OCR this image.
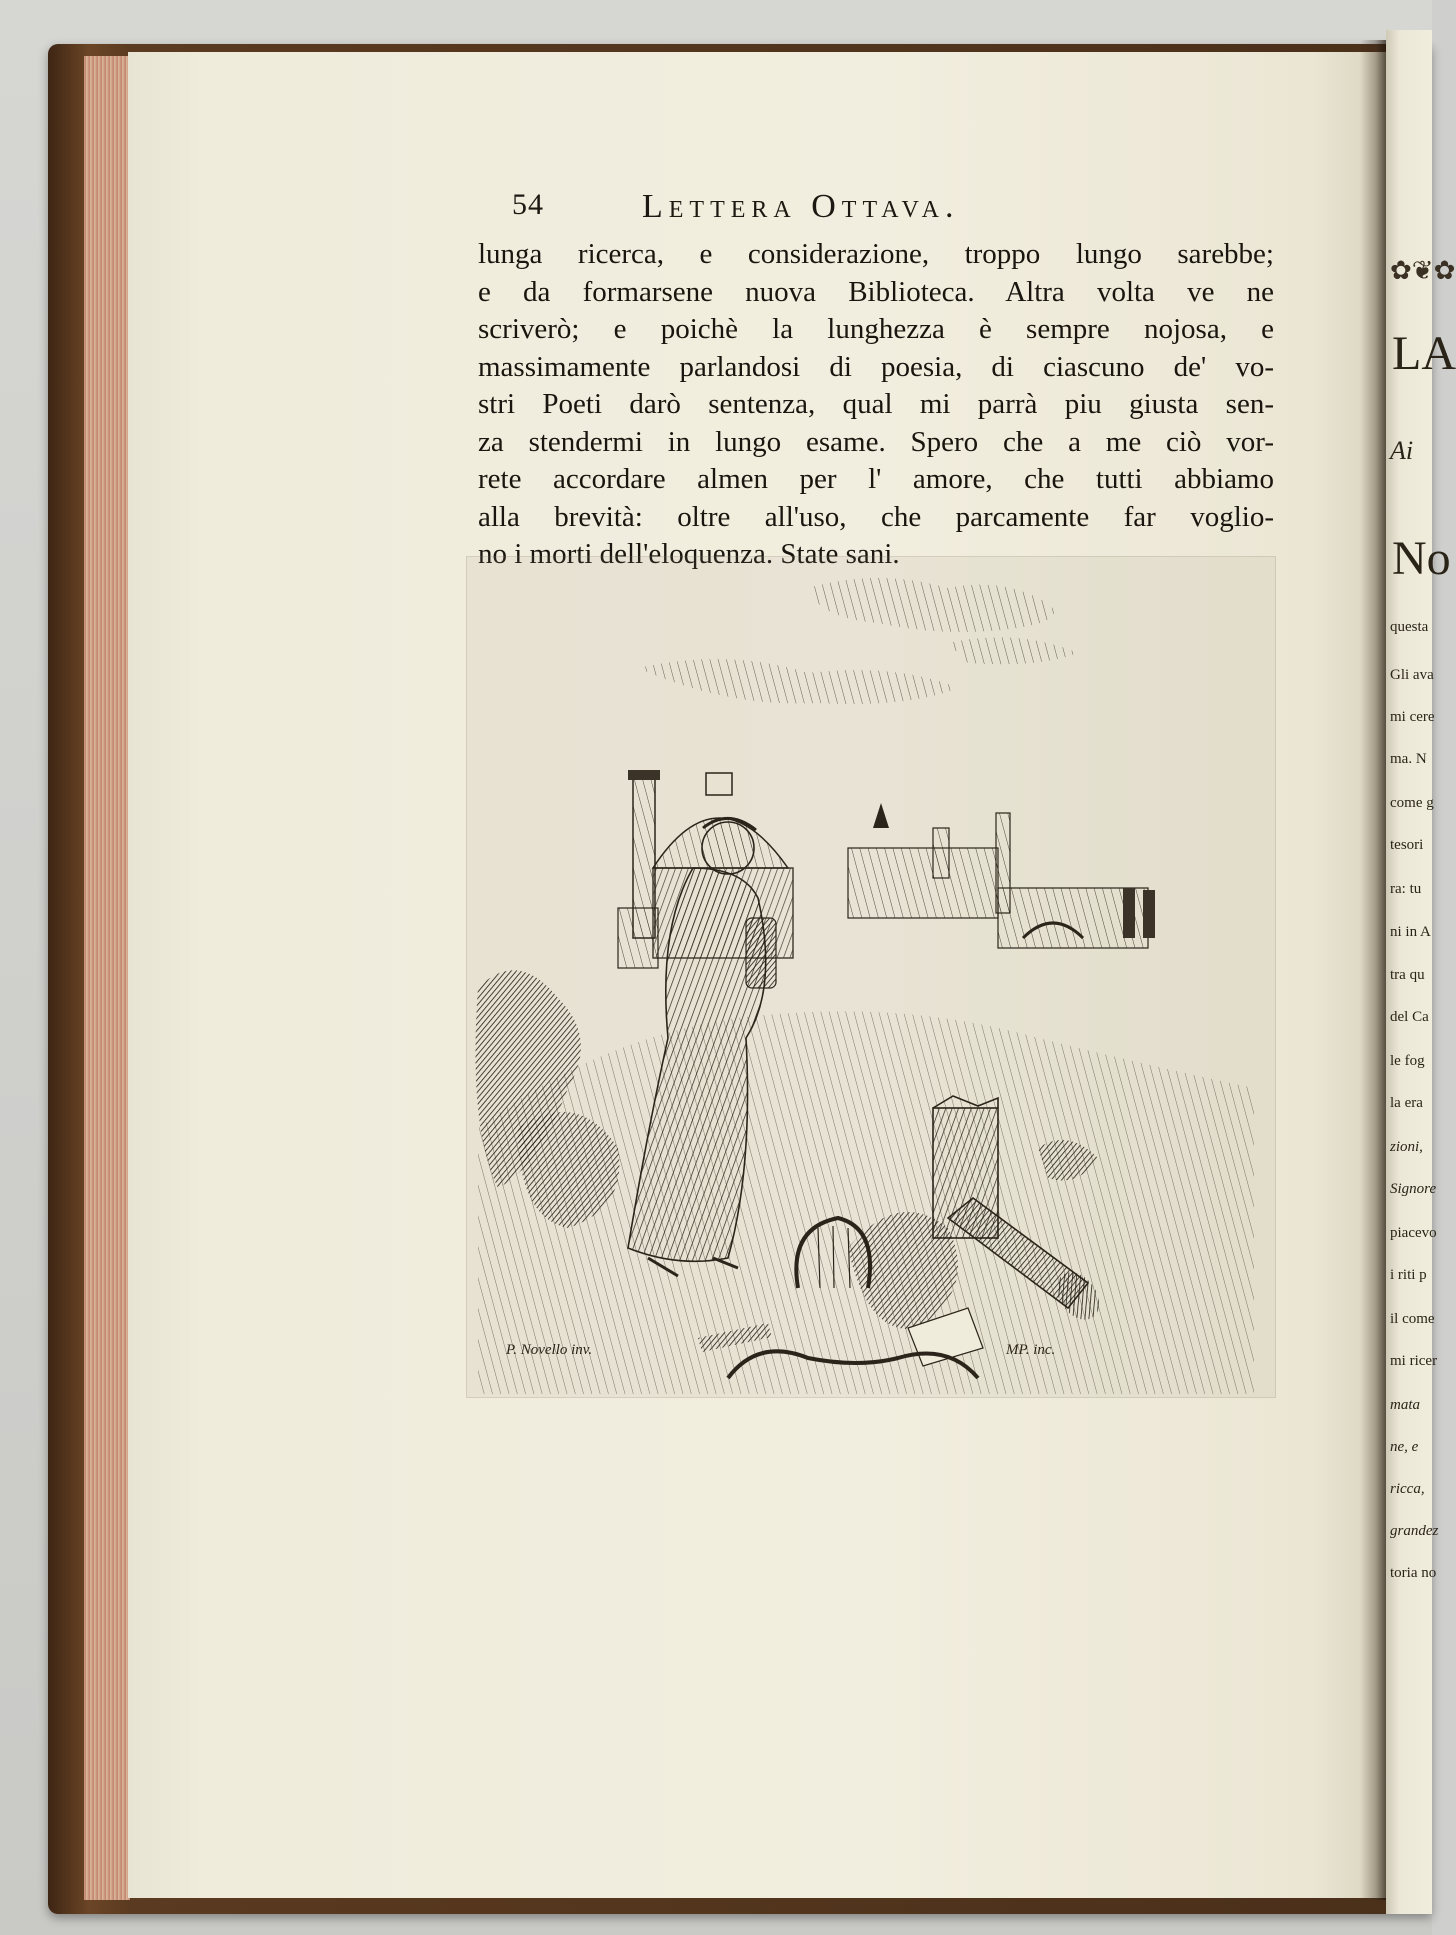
54	Lettera Ottava.
lunga ricerca, e considerazione, troppo lungo sarebbe;
e da formarsene nuova Biblioteca. Altra volta ve ne
scriverò; e poichè la lunghezza è sempre nojosa, e
massimamente parlandosi di poesia, di ciascuno de' vo-
stri Poeti darò sentenza, qual mi parrà piu giusta sen-
za stendermi in lungo esame. Spero che a me ciò vor-
rete accordare almen per l' amore, che tutti abbiamo
alla brevità: oltre all'uso, che parcamente far voglio-
no i morti dell'eloquenza. State sani.
P. Novello inv.	MP. inc.
✿❦✿
LA
Ai
No
questa
Gli ava
mi cere
ma. N
come g
tesori
ra: tu
ni in A
tra qu
del Ca
le fog
la era
zioni,
Signore
piacevo
i riti p
il come
mi ricer
mata
ne, e
ricca,
grandez
toria no
